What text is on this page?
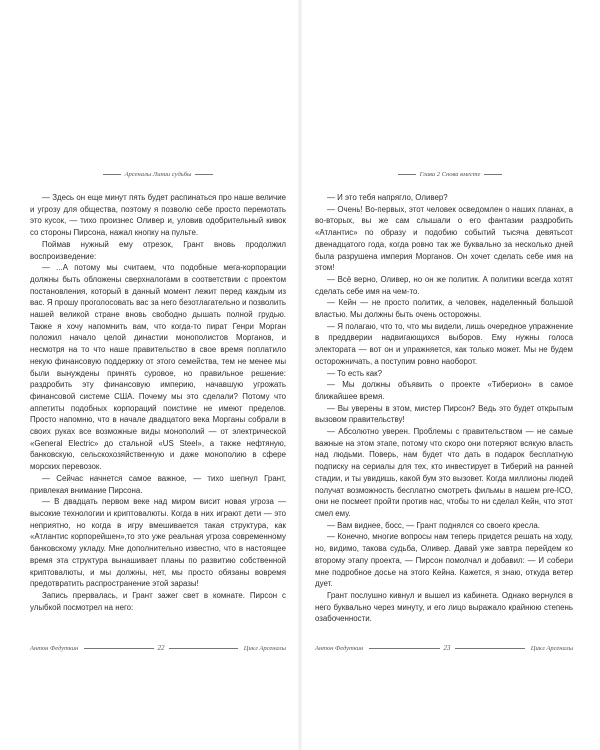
Арсеналы Линии судьбы

— Здесь он еще минут пять будет распинаться про наше величие и угрозу для общества, поэтому я позволю себе просто перемотать это кусок, — тихо произнес Оливер и, уловив одобрительный кивок со стороны Пирсона, нажал кнопку на пульте.

Поймав нужный ему отрезок, Грант вновь продолжил воспроизведение:

— ...А потому мы считаем, что подобные мега-корпорации должны быть обложены сверхналогами в соответствии с проектом постановления, который в данный момент лежит перед каждым из вас. Я прошу проголосовать вас за него безотлагательно и позволить нашей великой стране вновь свободно дышать полной грудью. Также я хочу напомнить вам, что когда-то пират Генри Морган положил начало целой династии монополистов Морганов, и несмотря на то что наше правительство в свое время поплатило некую финансовую поддержку от этого семейства, тем не менее мы были вынуждены принять суровое, но правильное решение: раздробить эту финансовую империю, начавшую угрожать финансовой системе США. Почему мы это сделали? Потому что аппетиты подобных корпораций поистине не имеют пределов. Просто напомню, что в начале двадцатого века Морганы собрали в своих руках все возможные виды монополий — от электрической «General Electric» до стальной «US Steel», а также нефтяную, банковскую, сельскохозяйственную и даже монополию в сфере морских перевозок.

— Сейчас начнется самое важное, — тихо шепнул Грант, привлекая внимание Пирсона.

— В двадцать первом веке над миром висит новая угроза — высокие технологии и криптовалюты. Когда в них играют дети — это неприятно, но когда в игру вмешивается такая структура, как «Атлантис корпорейшен»,то это уже реальная угроза современному банковскому укладу. Мне дополнительно известно, что в настоящее время эта структура вынашивает планы по развитию собственной криптовалюты, и мы должны, нет, мы просто обязаны вовремя предотвратить распространение этой заразы!

Запись прервалась, и Грант зажег свет в комнате. Пирсон с улыбкой посмотрел на него:

Антон Федуткин	22	Цикл Арсеналы
Глава 2 Снова вместе

— И это тебя напрягло, Оливер?

— Очень! Во-первых, этот человек осведомлен о наших планах, а во-вторых, вы же сам слышали о его фантазии раздробить «Атлантис» по образу и подобию событий тысяча девятьсот двенадцатого года, когда ровно так же буквально за несколько дней была разрушена империя Морганов. Он хочет сделать себе имя на этом!

— Всё верно, Оливер, но он же политик. А политики всегда хотят сделать себе имя на чем-то.

— Кейн — не просто политик, а человек, наделенный большой властью. Мы должны быть очень осторожны.

— Я полагаю, что то, что мы видели, лишь очередное упражнение в преддверии надвигающихся выборов. Ему нужны голоса электората — вот он и упражняется, как только может. Мы не будем осторожничать, а поступим ровно наоборот.

— То есть как?

— Мы должны объявить о проекте «Тиберион» в самое ближайшее время.

— Вы уверены в этом, мистер Пирсон? Ведь это будет открытым вызовом правительству!

— Абсолютно уверен. Проблемы с правительством — не самые важные на этом этапе, потому что скоро они потеряют всякую власть над людьми. Поверь, нам будет что дать в подарок бесплатную подписку на сериалы для тех, кто инвестирует в Тиберий на ранней стадии, и ты увидишь, какой бум это вызовет. Когда миллионы людей получат возможность бесплатно смотреть фильмы в нашем pre-ICO, они не посмеет пройти против нас, чтобы то ни сделал Кейн, что этот смел ему.

— Вам виднее, босс, — Грант поднялся со своего кресла.

— Конечно, многие вопросы нам теперь придется решать на ходу, но, видимо, такова судьба, Оливер. Давай уже завтра перейдем ко второму этапу проекта, — Пирсон помолчал и добавил: — И собери мне подробное досье на этого Кейна. Кажется, я знаю, откуда ветер дует.

Грант послушно кивнул и вышел из кабинета. Однако вернулся в него буквально через минуту, и его лицо выражало крайнюю степень озабоченности.

Антон Федуткин	23	Цикл Арсеналы
